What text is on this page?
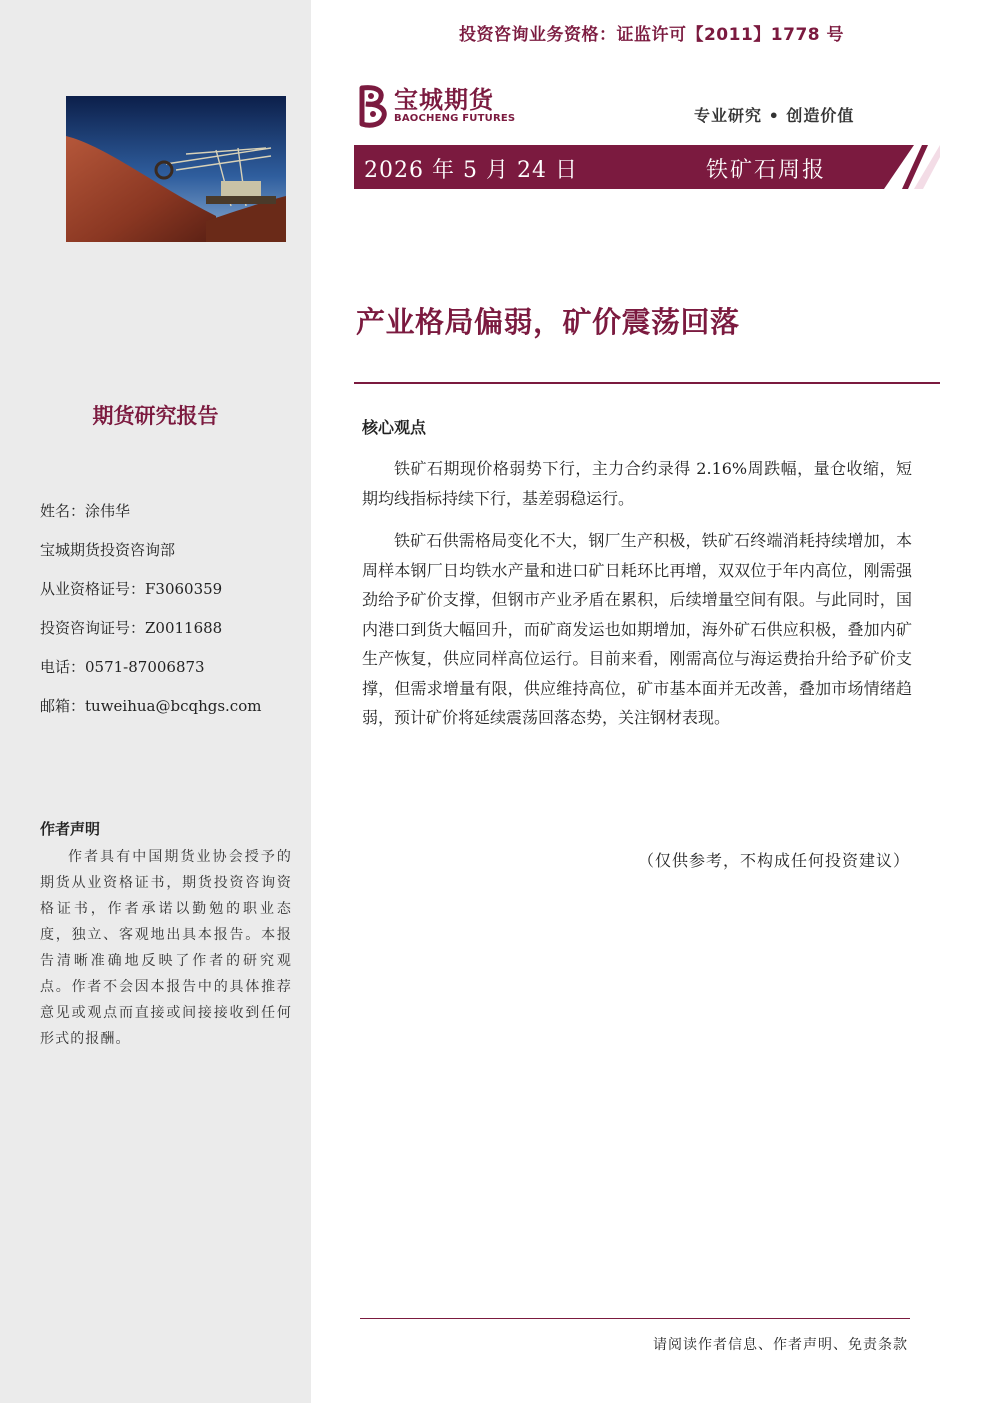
期货研究报告
姓名：涂伟华
宝城期货投资咨询部
从业资格证号：F3060359
投资咨询证号：Z0011688
电话：0571-87006873
邮箱：tuweihua@bcqhgs.com
作者声明
作者具有中国期货业协会授予的期货从业资格证书，期货投资咨询资格证书，作者承诺以勤勉的职业态度，独立、客观地出具本报告。本报告清晰准确地反映了作者的研究观点。作者不会因本报告中的具体推荐意见或观点而直接或间接接收到任何形式的报酬。
投资咨询业务资格：证监许可【2011】1778 号
宝城期货
BAOCHENG FUTURES	专业研究 • 创造价值
2026 年 5 月 24 日	铁矿石周报
产业格局偏弱，矿价震荡回落
核心观点
铁矿石期现价格弱势下行，主力合约录得 2.16%周跌幅，量仓收缩，短期均线指标持续下行，基差弱稳运行。
铁矿石供需格局变化不大，钢厂生产积极，铁矿石终端消耗持续增加，本周样本钢厂日均铁水产量和进口矿日耗环比再增，双双位于年内高位，刚需强劲给予矿价支撑，但钢市产业矛盾在累积，后续增量空间有限。与此同时，国内港口到货大幅回升，而矿商发运也如期增加，海外矿石供应积极，叠加内矿生产恢复，供应同样高位运行。目前来看，刚需高位与海运费抬升给予矿价支撑，但需求增量有限，供应维持高位，矿市基本面并无改善，叠加市场情绪趋弱，预计矿价将延续震荡回落态势，关注钢材表现。
（仅供参考，不构成任何投资建议）
请阅读作者信息、作者声明、免责条款
